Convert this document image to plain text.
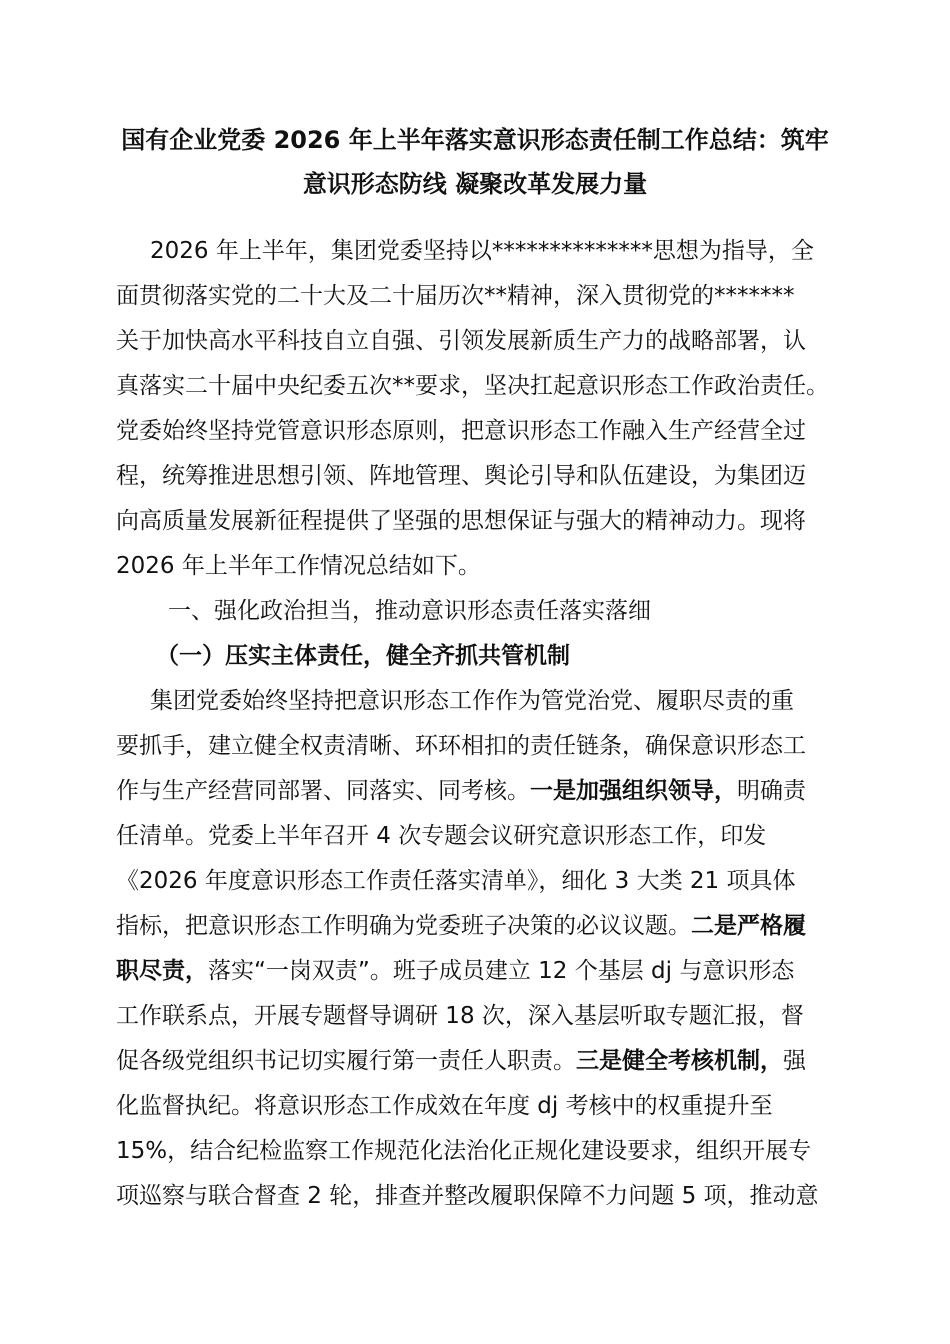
国有企业党委 2026 年上半年落实意识形态责任制工作总结：筑牢意识形态防线 凝聚改革发展力量

2026 年上半年，集团党委坚持以**************思想为指导，全

面贯彻落实党的二十大及二十届历次**精神，深入贯彻党的*******

关于加快高水平科技自立自强、引领发展新质生产力的战略部署，认

真落实二十届中央纪委五次**要求，坚决扛起意识形态工作政治责任。

党委始终坚持党管意识形态原则，把意识形态工作融入生产经营全过

程，统筹推进思想引领、阵地管理、舆论引导和队伍建设，为集团迈

向高质量发展新征程提供了坚强的思想保证与强大的精神动力。现将

2026 年上半年工作情况总结如下。

一、强化政治担当，推动意识形态责任落实落细

（一）压实主体责任，健全齐抓共管机制

集团党委始终坚持把意识形态工作作为管党治党、履职尽责的重

要抓手，建立健全权责清晰、环环相扣的责任链条，确保意识形态工

作与生产经营同部署、同落实、同考核。一是加强组织领导，明确责

任清单。党委上半年召开 4 次专题会议研究意识形态工作，印发

《2026 年度意识形态工作责任落实清单》，细化 3 大类 21 项具体

指标，把意识形态工作明确为党委班子决策的必议议题。二是严格履

职尽责，落实“一岗双责”。班子成员建立 12 个基层 dj 与意识形态

工作联系点，开展专题督导调研 18 次，深入基层听取专题汇报，督

促各级党组织书记切实履行第一责任人职责。三是健全考核机制，强

化监督执纪。将意识形态工作成效在年度 dj 考核中的权重提升至

15%，结合纪检监察工作规范化法治化正规化建设要求，组织开展专

项巡察与联合督查 2 轮，排查并整改履职保障不力问题 5 项，推动意
